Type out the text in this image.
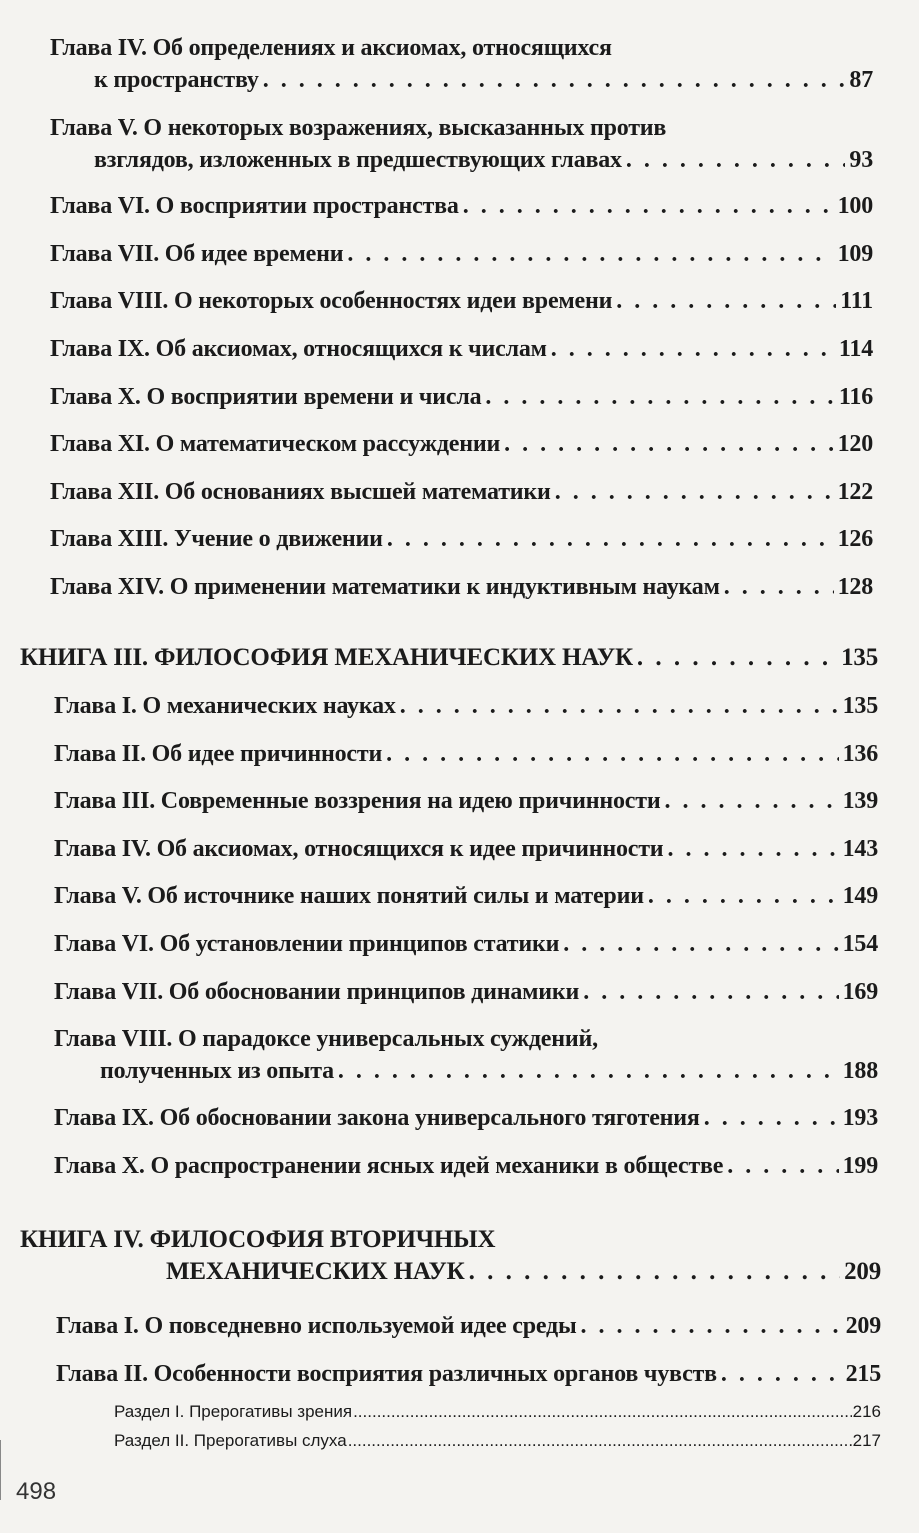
Глава IV. Об определениях и аксиомах, относящихся
к пространству . . .	87
Глава V. О некоторых возражениях, высказанных против
взглядов, изложенных в предшествующих главах . . .	93
Глава VI. О восприятии пространства . . .	100
Глава VII. Об идее времени . . .	109
Глава VIII. О некоторых особенностях идеи времени . . .	111
Глава IX. Об аксиомах, относящихся к числам . . .	114
Глава X. О восприятии времени и числа . . .	116
Глава XI. О математическом рассуждении . . .	120
Глава XII. Об основаниях высшей математики . . .	122
Глава XIII. Учение о движении . . .	126
Глава XIV. О применении математики к индуктивным наукам . . .	128
КНИГА III. ФИЛОСОФИЯ МЕХАНИЧЕСКИХ НАУК . . .	135
Глава I. О механических науках . . .	135
Глава II. Об идее причинности . . .	136
Глава III. Современные воззрения на идею причинности . . .	139
Глава IV. Об аксиомах, относящихся к идее причинности . . .	143
Глава V. Об источнике наших понятий силы и материи . . .	149
Глава VI. Об установлении принципов статики . . .	154
Глава VII. Об обосновании принципов динамики . . .	169
Глава VIII. О парадоксе универсальных суждений,
полученных из опыта . . .	188
Глава IX. Об обосновании закона универсального тяготения . . .	193
Глава X. О распространении ясных идей механики в обществе . . .	199
КНИГА IV. ФИЛОСОФИЯ ВТОРИЧНЫХ
МЕХАНИЧЕСКИХ НАУК . . .	209
Глава I. О повседневно используемой идее среды . . .	209
Глава II. Особенности восприятия различных органов чувств . . .	215
Раздел I. Прерогативы зрения .....	216
Раздел II. Прерогативы слуха .....	217
498
